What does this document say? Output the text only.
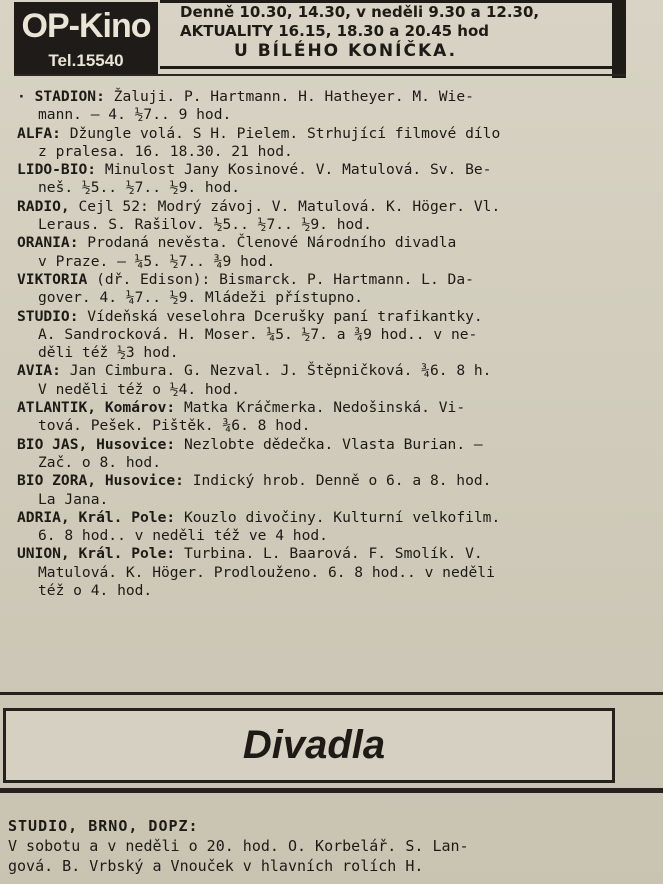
OP-Kino
Tel.15540
Denně 10.30, 14.30, v neděli 9.30 a 12.30,
AKTUALITY 16.15, 18.30 a 20.45 hod
U BÍLÉHO KONÍČKA.
· STADION: Žaluji. P. Hartmann. H. Hatheyer. M. Wie-
mann. — 4. ½7.. 9 hod.
ALFA: Džungle volá. S H. Pielem. Strhující filmové dílo
z pralesa. 16. 18.30. 21 hod.
LIDO-BIO: Minulost Jany Kosinové. V. Matulová. Sv. Be-
neš. ½5.. ½7.. ½9. hod.
RADIO, Cejl 52: Modrý závoj. V. Matulová. K. Höger. Vl.
Leraus. S. Rašilov. ½5.. ½7.. ½9. hod.
ORANIA: Prodaná nevěsta. Členové Národního divadla
v Praze. — ¼5. ½7.. ¾9 hod.
VIKTORIA (dř. Edison): Bismarck. P. Hartmann. L. Da-
gover. 4. ¼7.. ½9. Mládeži přístupno.
STUDIO: Vídeňská veselohra Dcerušky paní trafikantky.
A. Sandrocková. H. Moser. ¼5. ½7. a ¾9 hod.. v ne-
děli též ½3 hod.
AVIA: Jan Cimbura. G. Nezval. J. Štěpničková. ¾6. 8 h.
V neděli též o ½4. hod.
ATLANTIK, Komárov: Matka Kráčmerka. Nedošinská. Vi-
tová. Pešek. Pištěk. ¾6. 8 hod.
BIO JAS, Husovice: Nezlobte dědečka. Vlasta Burian. —
Zač. o 8. hod.
BIO ZORA, Husovice: Indický hrob. Denně o 6. a 8. hod.
La Jana.
ADRIA, Král. Pole: Kouzlo divočiny. Kulturní velkofilm.
6. 8 hod.. v neděli též ve 4 hod.
UNION, Král. Pole: Turbina. L. Baarová. F. Smolík. V.
Matulová. K. Höger. Prodlouženo. 6. 8 hod.. v neděli
též o 4. hod.
Divadla
STUDIO, BRNO, DOPZ:
V sobotu a v neděli o 20. hod. O. Korbelář. S. Lan-
gová. B. Vrbský a Vnouček v hlavních rolích H.
